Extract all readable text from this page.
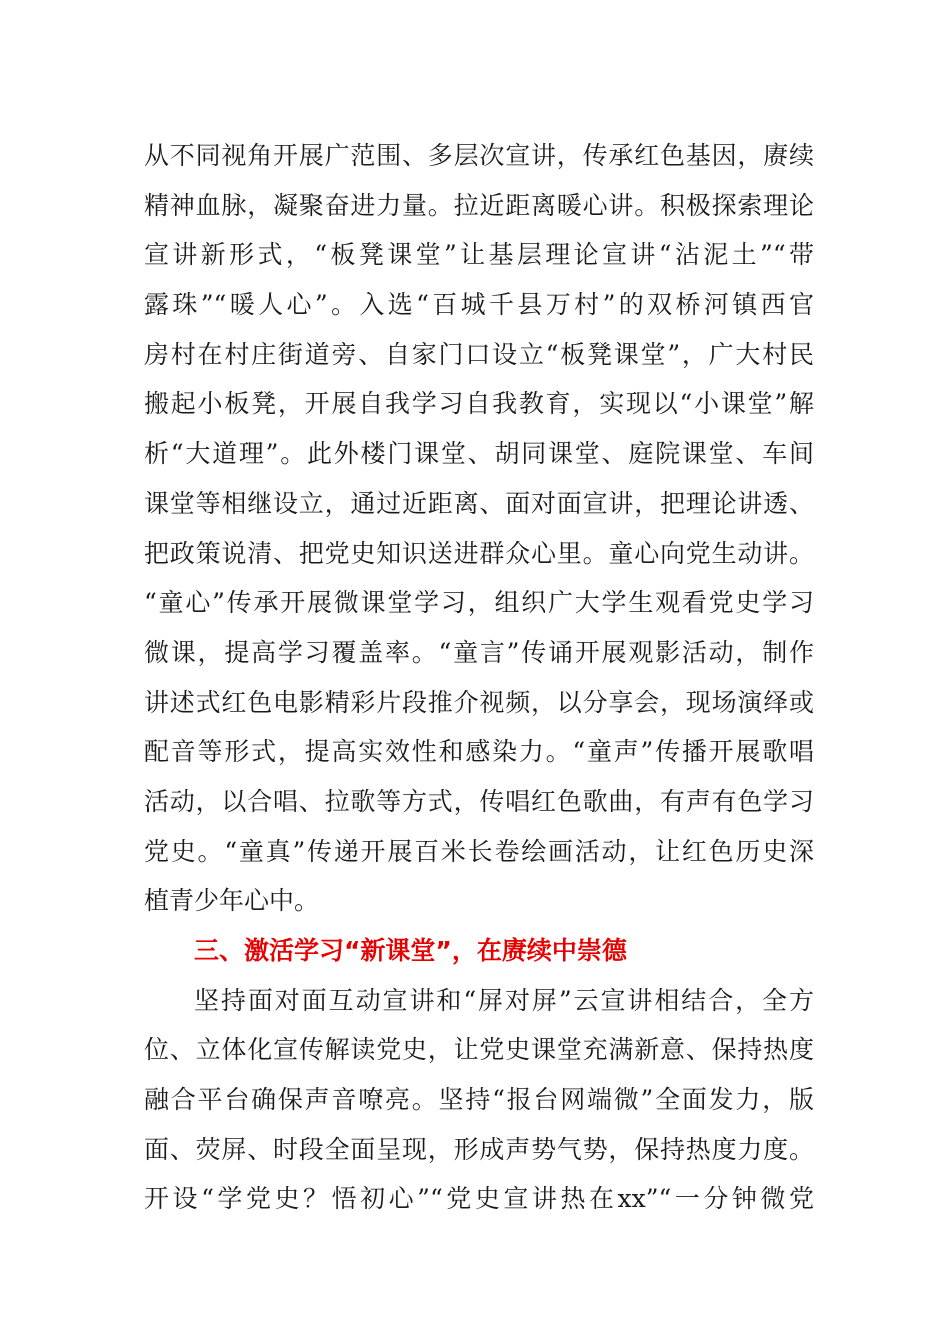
从不同视角开展广范围、多层次宣讲，传承红色基因，赓续
精神血脉，凝聚奋进力量。拉近距离暖心讲。积极探索理论
宣讲新形式，“板凳课堂”让基层理论宣讲“沾泥土”“带
露珠”“暖人心”。入选“百城千县万村”的双桥河镇西官
房村在村庄街道旁、自家门口设立“板凳课堂”，广大村民
搬起小板凳，开展自我学习自我教育，实现以“小课堂”解
析“大道理”。此外楼门课堂、胡同课堂、庭院课堂、车间
课堂等相继设立，通过近距离、面对面宣讲，把理论讲透、
把政策说清、把党史知识送进群众心里。童心向党生动讲。
“童心”传承开展微课堂学习，组织广大学生观看党史学习
微课，提高学习覆盖率。“童言”传诵开展观影活动，制作
讲述式红色电影精彩片段推介视频，以分享会，现场演绎或
配音等形式，提高实效性和感染力。“童声”传播开展歌唱
活动，以合唱、拉歌等方式，传唱红色歌曲，有声有色学习
党史。“童真”传递开展百米长卷绘画活动，让红色历史深
植青少年心中。
三、激活学习“新课堂”，在赓续中崇德
坚持面对面互动宣讲和“屏对屏”云宣讲相结合，全方
位、立体化宣传解读党史，让党史课堂充满新意、保持热度
融合平台确保声音嘹亮。坚持“报台网端微”全面发力，版
面、荧屏、时段全面呈现，形成声势气势，保持热度力度。
开设“学党史？悟初心”“党史宣讲热在xx”“一分钟微党
